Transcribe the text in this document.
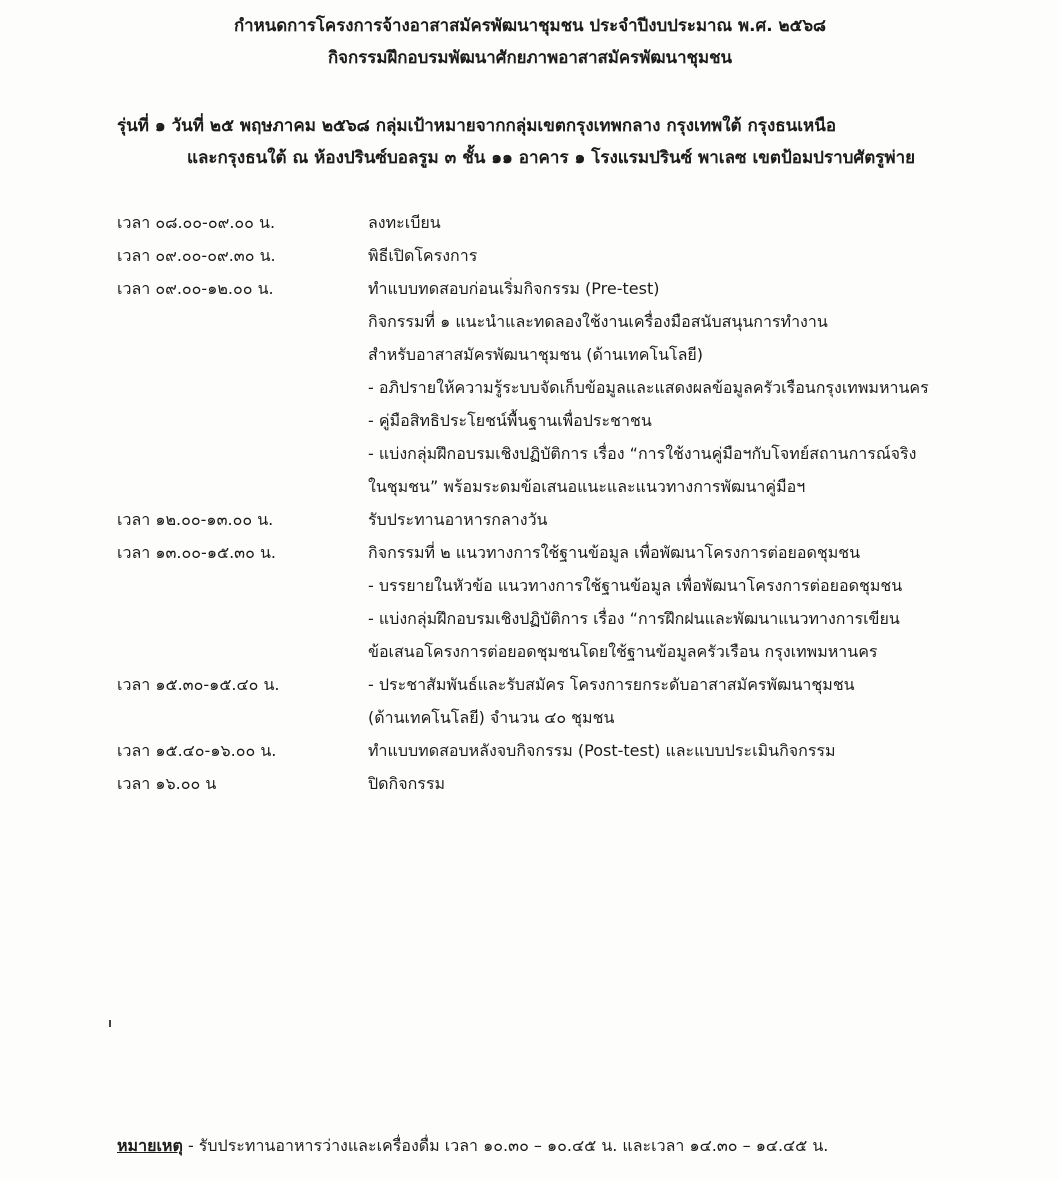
กำหนดการโครงการจ้างอาสาสมัครพัฒนาชุมชน ประจำปีงบประมาณ พ.ศ. ๒๕๖๘
กิจกรรมฝึกอบรมพัฒนาศักยภาพอาสาสมัครพัฒนาชุมชน
รุ่นที่ ๑ วันที่ ๒๕ พฤษภาคม ๒๕๖๘ กลุ่มเป้าหมายจากกลุ่มเขตกรุงเทพกลาง กรุงเทพใต้ กรุงธนเหนือ
และกรุงธนใต้ ณ ห้องปรินซ์บอลรูม ๓ ชั้น ๑๑ อาคาร ๑ โรงแรมปรินซ์ พาเลซ เขตป้อมปราบศัตรูพ่าย
เวลา ๐๘.๐๐-๐๙.๐๐ น.	ลงทะเบียน
เวลา ๐๙.๐๐-๐๙.๓๐ น.	พิธีเปิดโครงการ
เวลา ๐๙.๐๐-๑๒.๐๐ น.	ทำแบบทดสอบก่อนเริ่มกิจกรรม (Pre-test)
กิจกรรมที่ ๑ แนะนำและทดลองใช้งานเครื่องมือสนับสนุนการทำงาน
สำหรับอาสาสมัครพัฒนาชุมชน (ด้านเทคโนโลยี)
- อภิปรายให้ความรู้ระบบจัดเก็บข้อมูลและแสดงผลข้อมูลครัวเรือนกรุงเทพมหานคร
- คู่มือสิทธิประโยชน์พื้นฐานเพื่อประชาชน
- แบ่งกลุ่มฝึกอบรมเชิงปฏิบัติการ เรื่อง “การใช้งานคู่มือฯกับโจทย์สถานการณ์จริง
ในชุมชน” พร้อมระดมข้อเสนอแนะและแนวทางการพัฒนาคู่มือฯ
เวลา ๑๒.๐๐-๑๓.๐๐ น.	รับประทานอาหารกลางวัน
เวลา ๑๓.๐๐-๑๕.๓๐ น.	กิจกรรมที่ ๒ แนวทางการใช้ฐานข้อมูล เพื่อพัฒนาโครงการต่อยอดชุมชน
- บรรยายในหัวข้อ แนวทางการใช้ฐานข้อมูล เพื่อพัฒนาโครงการต่อยอดชุมชน
- แบ่งกลุ่มฝึกอบรมเชิงปฏิบัติการ เรื่อง “การฝึกฝนและพัฒนาแนวทางการเขียน
ข้อเสนอโครงการต่อยอดชุมชนโดยใช้ฐานข้อมูลครัวเรือน กรุงเทพมหานคร
เวลา ๑๕.๓๐-๑๕.๔๐ น.	- ประชาสัมพันธ์และรับสมัคร โครงการยกระดับอาสาสมัครพัฒนาชุมชน
(ด้านเทคโนโลยี) จำนวน ๔๐ ชุมชน
เวลา ๑๕.๔๐-๑๖.๐๐ น.	ทำแบบทดสอบหลังจบกิจกรรม (Post-test) และแบบประเมินกิจกรรม
เวลา ๑๖.๐๐ น	ปิดกิจกรรม
หมายเหตุ - รับประทานอาหารว่างและเครื่องดื่ม เวลา ๑๐.๓๐ – ๑๐.๔๕ น. และเวลา ๑๔.๓๐ – ๑๔.๔๕ น.
